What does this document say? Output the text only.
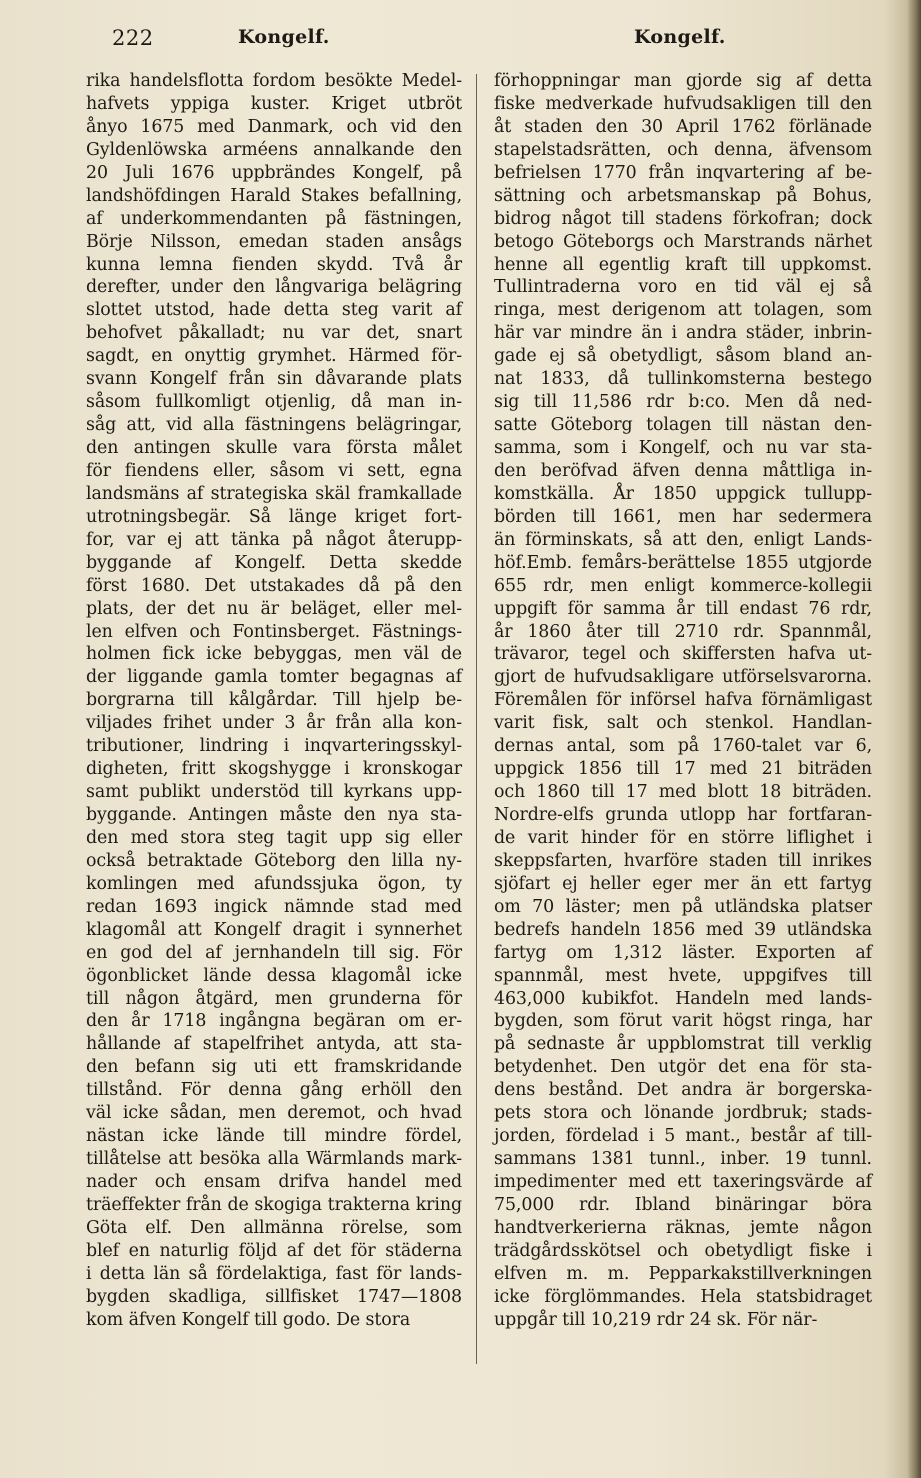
222	Kongelf.	Kongelf.
rika handelsflotta fordom besökte Medel-
hafvets yppiga kuster. Kriget utbröt
ånyo 1675 med Danmark, och vid den
Gyldenlöwska arméens annalkande den
20 Juli 1676 uppbrändes Kongelf, på
landshöfdingen Harald Stakes befallning,
af underkommendanten på fästningen,
Börje Nilsson, emedan staden ansågs
kunna lemna fienden skydd. Två år
derefter, under den långvariga belägring
slottet utstod, hade detta steg varit af
behofvet påkalladt; nu var det, snart
sagdt, en onyttig grymhet. Härmed för-
svann Kongelf från sin dåvarande plats
såsom fullkomligt otjenlig, då man in-
såg att, vid alla fästningens belägringar,
den antingen skulle vara första målet
för fiendens eller, såsom vi sett, egna
landsmäns af strategiska skäl framkallade
utrotningsbegär. Så länge kriget fort-
for, var ej att tänka på något återupp-
byggande af Kongelf. Detta skedde
först 1680. Det utstakades då på den
plats, der det nu är beläget, eller mel-
len elfven och Fontinsberget. Fästnings-
holmen fick icke bebyggas, men väl de
der liggande gamla tomter begagnas af
borgrarna till kålgårdar. Till hjelp be-
viljades frihet under 3 år från alla kon-
tributioner, lindring i inqvarteringsskyl-
digheten, fritt skogshygge i kronskogar
samt publikt understöd till kyrkans upp-
byggande. Antingen måste den nya sta-
den med stora steg tagit upp sig eller
också betraktade Göteborg den lilla ny-
komlingen med afundssjuka ögon, ty
redan 1693 ingick nämnde stad med
klagomål att Kongelf dragit i synnerhet
en god del af jernhandeln till sig. För
ögonblicket lände dessa klagomål icke
till någon åtgärd, men grunderna för
den år 1718 ingångna begäran om er-
hållande af stapelfrihet antyda, att sta-
den befann sig uti ett framskridande
tillstånd. För denna gång erhöll den
väl icke sådan, men deremot, och hvad
nästan icke lände till mindre fördel,
tillåtelse att besöka alla Wärmlands mark-
nader och ensam drifva handel med
träeffekter från de skogiga trakterna kring
Göta elf. Den allmänna rörelse, som
blef en naturlig följd af det för städerna
i detta län så fördelaktiga, fast för lands-
bygden skadliga, sillfisket 1747—1808
kom äfven Kongelf till godo. De stora
förhoppningar man gjorde sig af detta
fiske medverkade hufvudsakligen till den
åt staden den 30 April 1762 förlänade
stapelstadsrätten, och denna, äfvensom
befrielsen 1770 från inqvartering af be-
sättning och arbetsmanskap på Bohus,
bidrog något till stadens förkofran; dock
betogo Göteborgs och Marstrands närhet
henne all egentlig kraft till uppkomst.
Tullintraderna voro en tid väl ej så
ringa, mest derigenom att tolagen, som
här var mindre än i andra städer, inbrin-
gade ej så obetydligt, såsom bland an-
nat 1833, då tullinkomsterna bestego
sig till 11,586 rdr b:co. Men då ned-
satte Göteborg tolagen till nästan den-
samma, som i Kongelf, och nu var sta-
den beröfvad äfven denna måttliga in-
komstkälla. År 1850 uppgick tullupp-
börden till 1661, men har sedermera
än förminskats, så att den, enligt Lands-
höf.Emb. femårs-berättelse 1855 utgjorde
655 rdr, men enligt kommerce-kollegii
uppgift för samma år till endast 76 rdr,
år 1860 åter till 2710 rdr. Spannmål,
trävaror, tegel och skiffersten hafva ut-
gjort de hufvudsakligare utförselsvarorna.
Föremålen för införsel hafva förnämligast
varit fisk, salt och stenkol. Handlan-
dernas antal, som på 1760-talet var 6,
uppgick 1856 till 17 med 21 biträden
och 1860 till 17 med blott 18 biträden.
Nordre-elfs grunda utlopp har fortfaran-
de varit hinder för en större liflighet i
skeppsfarten, hvarföre staden till inrikes
sjöfart ej heller eger mer än ett fartyg
om 70 läster; men på utländska platser
bedrefs handeln 1856 med 39 utländska
fartyg om 1,312 läster. Exporten af
spannmål, mest hvete, uppgifves till
463,000 kubikfot. Handeln med lands-
bygden, som förut varit högst ringa, har
på sednaste år uppblomstrat till verklig
betydenhet. Den utgör det ena för sta-
dens bestånd. Det andra är borgerska-
pets stora och lönande jordbruk; stads-
jorden, fördelad i 5 mant., består af till-
sammans 1381 tunnl., inber. 19 tunnl.
impedimenter med ett taxeringsvärde af
75,000 rdr. Ibland binäringar böra
handtverkerierna räknas, jemte någon
trädgårdsskötsel och obetydligt fiske i
elfven m. m. Pepparkakstillverkningen
icke förglömmandes. Hela statsbidraget
uppgår till 10,219 rdr 24 sk. För när-
